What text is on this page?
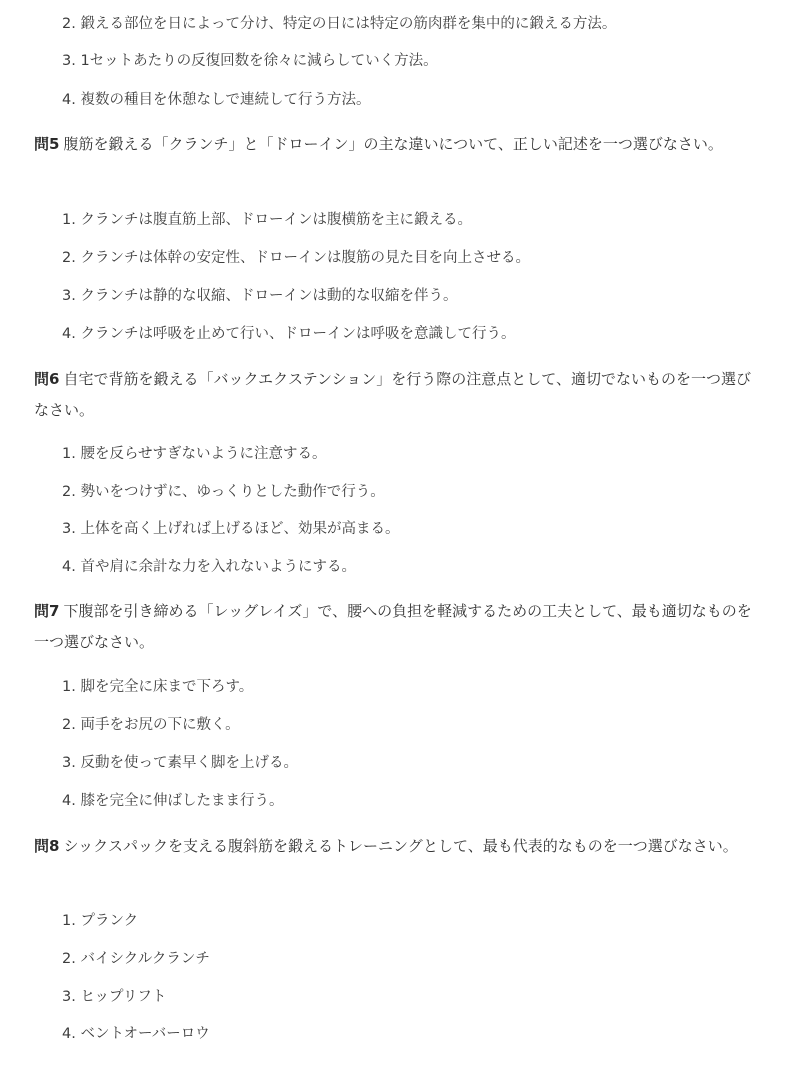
2. 鍛える部位を日によって分け、特定の日には特定の筋肉群を集中的に鍛える方法。
3. 1セットあたりの反復回数を徐々に減らしていく方法。
4. 複数の種目を休憩なしで連続して行う方法。
問5 腹筋を鍛える「クランチ」と「ドローイン」の主な違いについて、正しい記述を一つ選びなさい。
1. クランチは腹直筋上部、ドローインは腹横筋を主に鍛える。
2. クランチは体幹の安定性、ドローインは腹筋の見た目を向上させる。
3. クランチは静的な収縮、ドローインは動的な収縮を伴う。
4. クランチは呼吸を止めて行い、ドローインは呼吸を意識して行う。
問6 自宅で背筋を鍛える「バックエクステンション」を行う際の注意点として、適切でないものを一つ選びなさい。
1. 腰を反らせすぎないように注意する。
2. 勢いをつけずに、ゆっくりとした動作で行う。
3. 上体を高く上げれば上げるほど、効果が高まる。
4. 首や肩に余計な力を入れないようにする。
問7 下腹部を引き締める「レッグレイズ」で、腰への負担を軽減するための工夫として、最も適切なものを一つ選びなさい。
1. 脚を完全に床まで下ろす。
2. 両手をお尻の下に敷く。
3. 反動を使って素早く脚を上げる。
4. 膝を完全に伸ばしたまま行う。
問8 シックスパックを支える腹斜筋を鍛えるトレーニングとして、最も代表的なものを一つ選びなさい。
1. プランク
2. バイシクルクランチ
3. ヒップリフト
4. ベントオーバーロウ
